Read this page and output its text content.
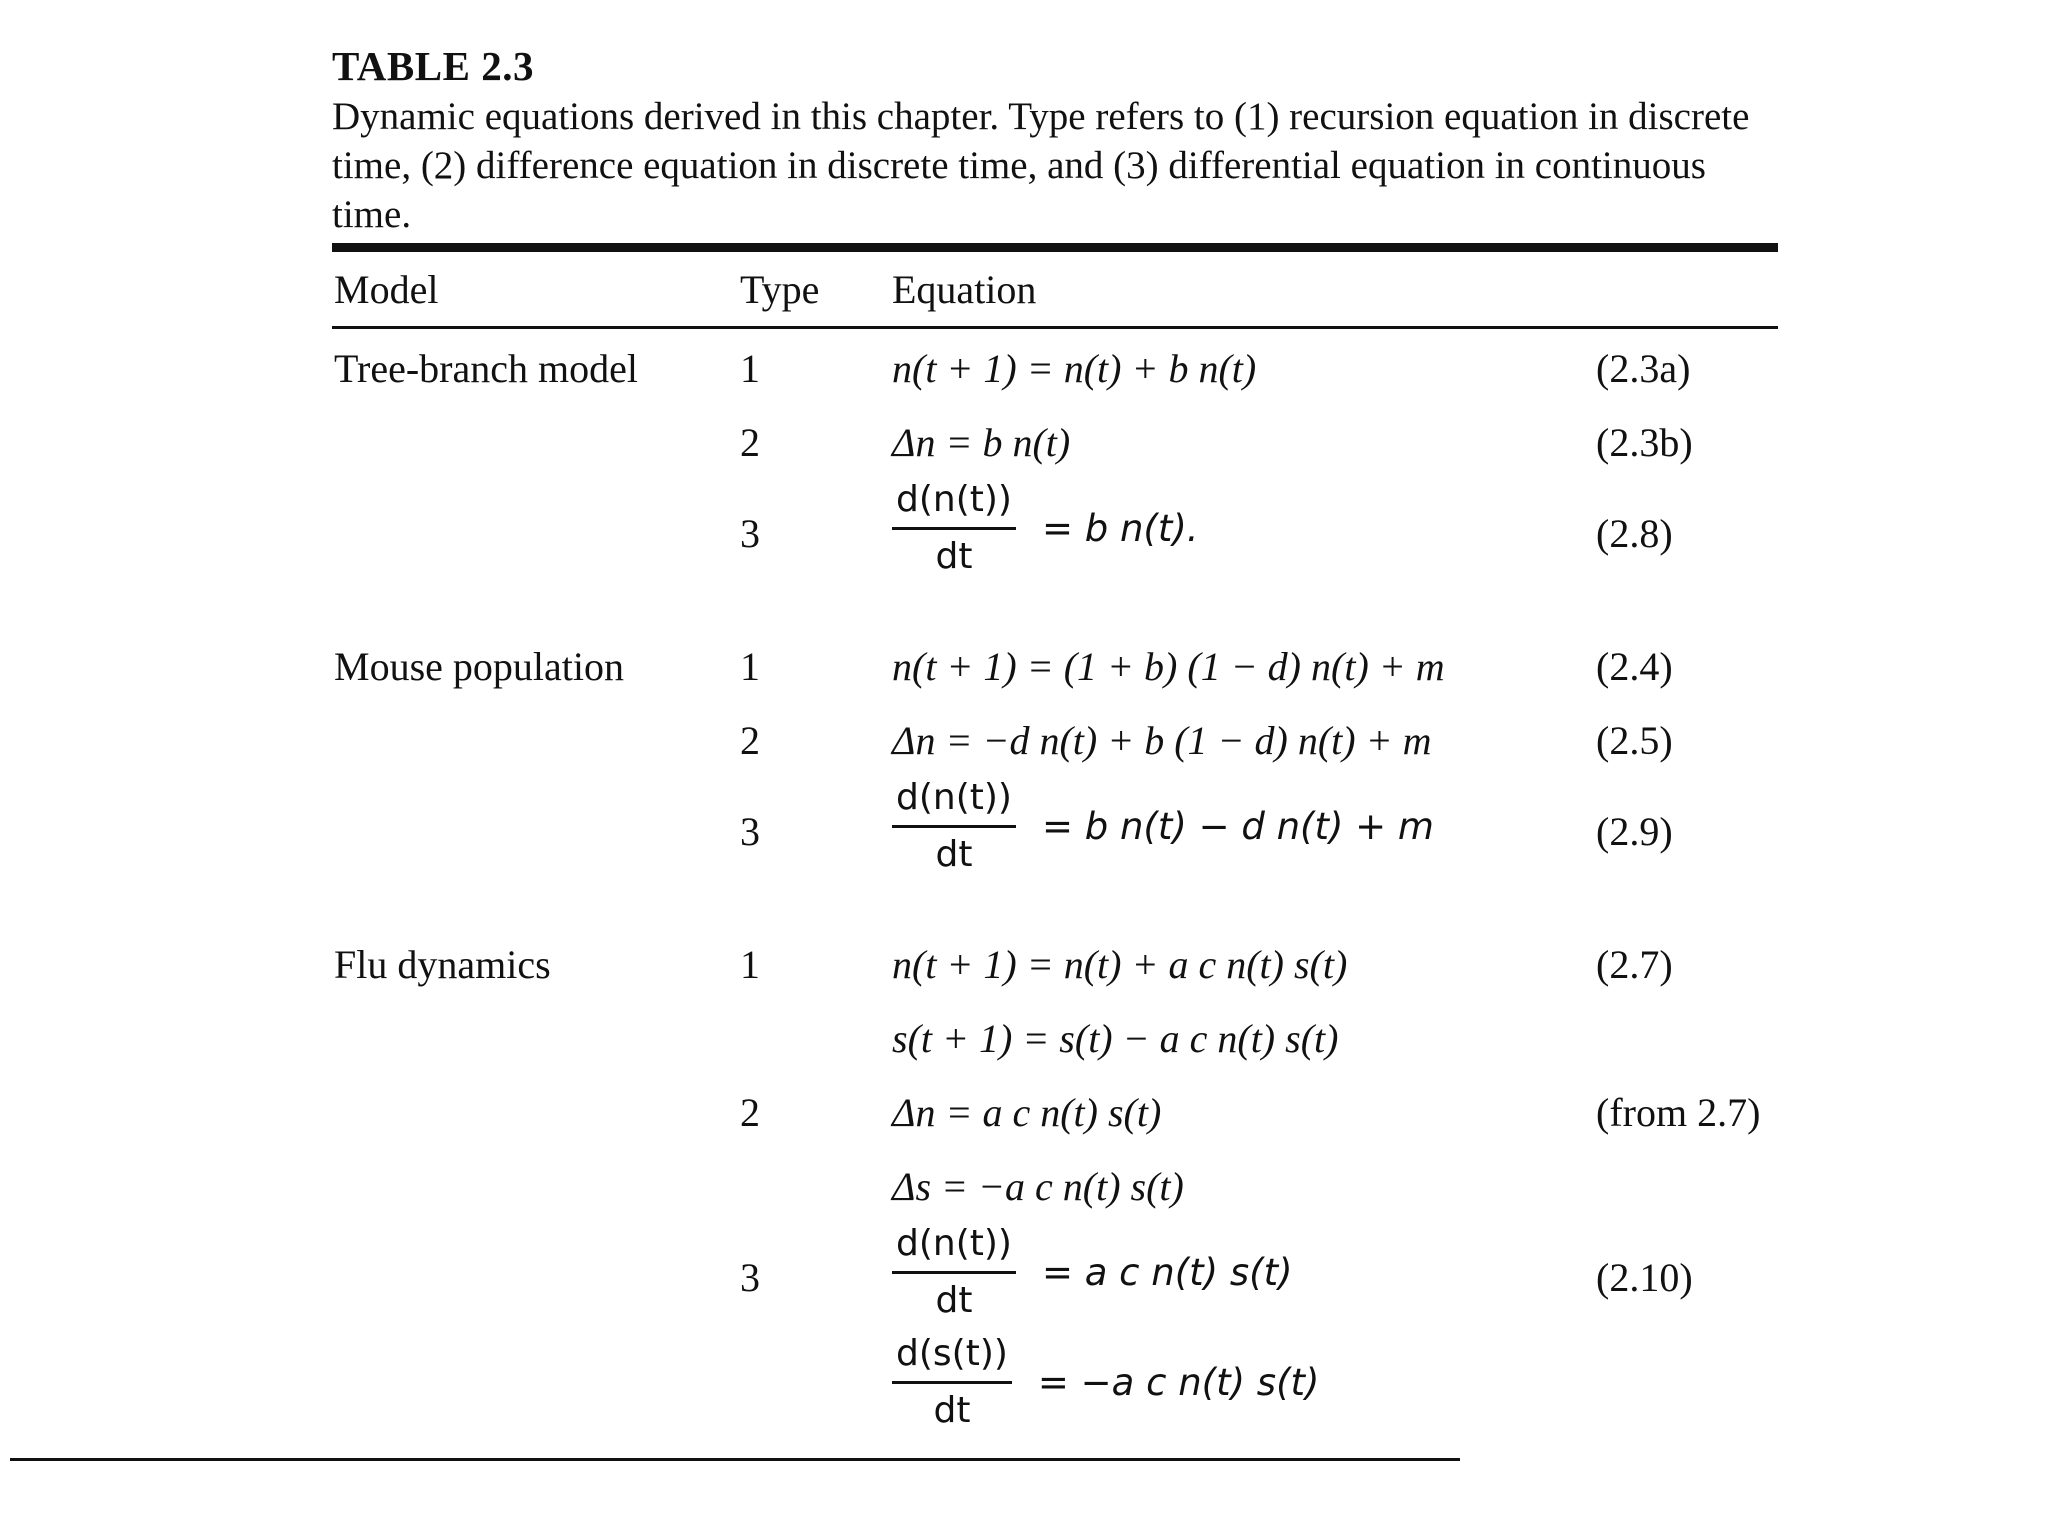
TABLE 2.3
Dynamic equations derived in this chapter. Type refers to (1) recursion equation in discrete time, (2) difference equation in discrete time, and (3) differential equation in continuous time.
Model	Type Equation
Tree-branch model	1	n(t + 1) = n(t) + b n(t)	(2.3a)
2	Δn = b n(t)	(2.3b)
3	$\frac{d(n(t))}{dt} = b$ n(t).	(2.8)
Mouse population	1	n(t + 1) = (1 + b) (1 − d) n(t) + m	(2.4)
2	Δn = −d n(t) + b (1 − d) n(t) + m	(2.5)
3	$\frac{d(n(t))}{dt} = b$ n(t) − d n(t) + m	(2.9)
Flu dynamics	1	n(t + 1) = n(t) + a c n(t) s(t)	(2.7)
s(t + 1) = s(t) − a c n(t) s(t)
2	Δn = a c n(t) s(t)	(from 2.7)
Δs = −a c n(t) s(t)
3	$\frac{d(n(t))}{dt} = a$ c n(t) s(t)	(2.10)
$\frac{d(s(t))}{dt} = -a$ c n(t) s(t)
